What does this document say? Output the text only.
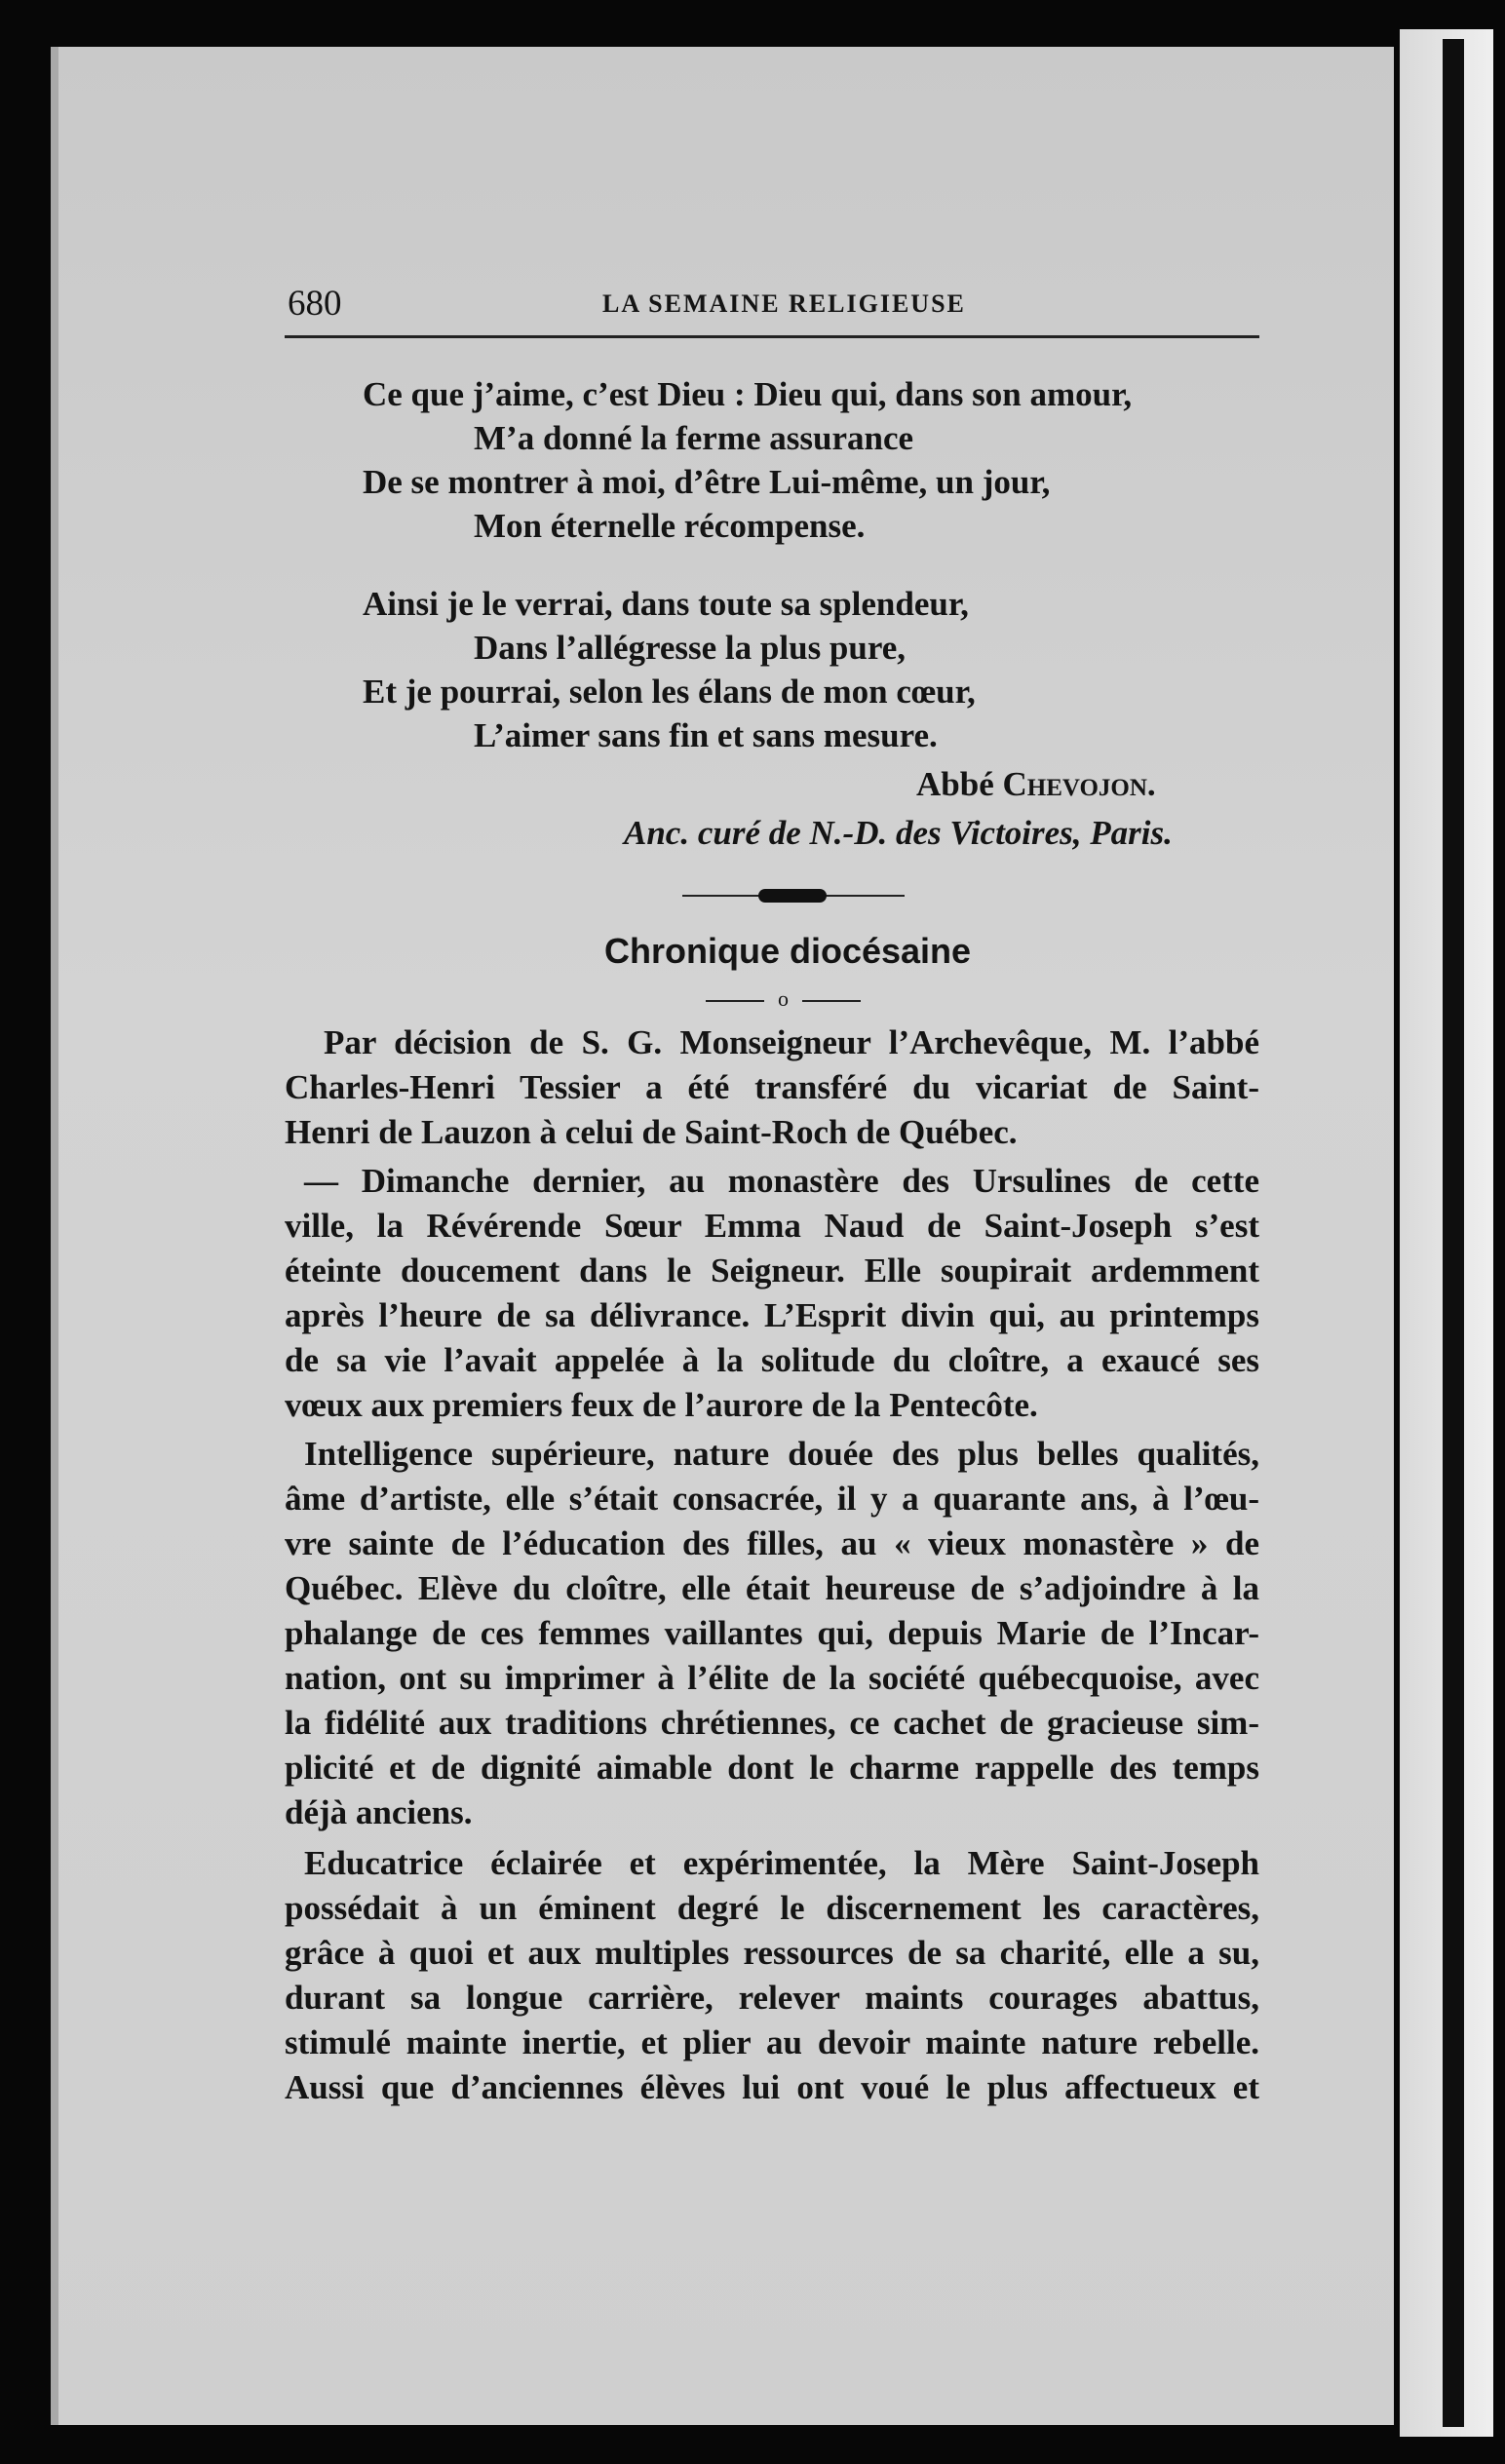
680	LA SEMAINE RELIGIEUSE
Ce que j’aime, c’est Dieu : Dieu qui, dans son amour,
M’a donné la ferme assurance
De se montrer à moi, d’être Lui-même, un jour,
Mon éternelle récompense.
Ainsi je le verrai, dans toute sa splendeur,
Dans l’allégresse la plus pure,
Et je pourrai, selon les élans de mon cœur,
L’aimer sans fin et sans mesure.
Abbé Chevojon.
Anc. curé de N.-D. des Victoires, Paris.
Chronique diocésaine
o
Par décision de S. G. Monseigneur l’Archevêque, M. l’abbé
Charles-Henri Tessier a été transféré du vicariat de Saint-
Henri de Lauzon à celui de Saint-Roch de Québec.
— Dimanche dernier, au monastère des Ursulines de cette
ville, la Révérende Sœur Emma Naud de Saint-Joseph s’est
éteinte doucement dans le Seigneur. Elle soupirait ardemment
après l’heure de sa délivrance. L’Esprit divin qui, au printemps
de sa vie l’avait appelée à la solitude du cloître, a exaucé ses
vœux aux premiers feux de l’aurore de la Pentecôte.
Intelligence supérieure, nature douée des plus belles qualités,
âme d’artiste, elle s’était consacrée, il y a quarante ans, à l’œu-
vre sainte de l’éducation des filles, au « vieux monastère » de
Québec. Elève du cloître, elle était heureuse de s’adjoindre à la
phalange de ces femmes vaillantes qui, depuis Marie de l’Incar-
nation, ont su imprimer à l’élite de la société québecquoise, avec
la fidélité aux traditions chrétiennes, ce cachet de gracieuse sim-
plicité et de dignité aimable dont le charme rappelle des temps
déjà anciens.
Educatrice éclairée et expérimentée, la Mère Saint-Joseph
possédait à un éminent degré le discernement les caractères,
grâce à quoi et aux multiples ressources de sa charité, elle a su,
durant sa longue carrière, relever maints courages abattus,
stimulé mainte inertie, et plier au devoir mainte nature rebelle.
Aussi que d’anciennes élèves lui ont voué le plus affectueux et
